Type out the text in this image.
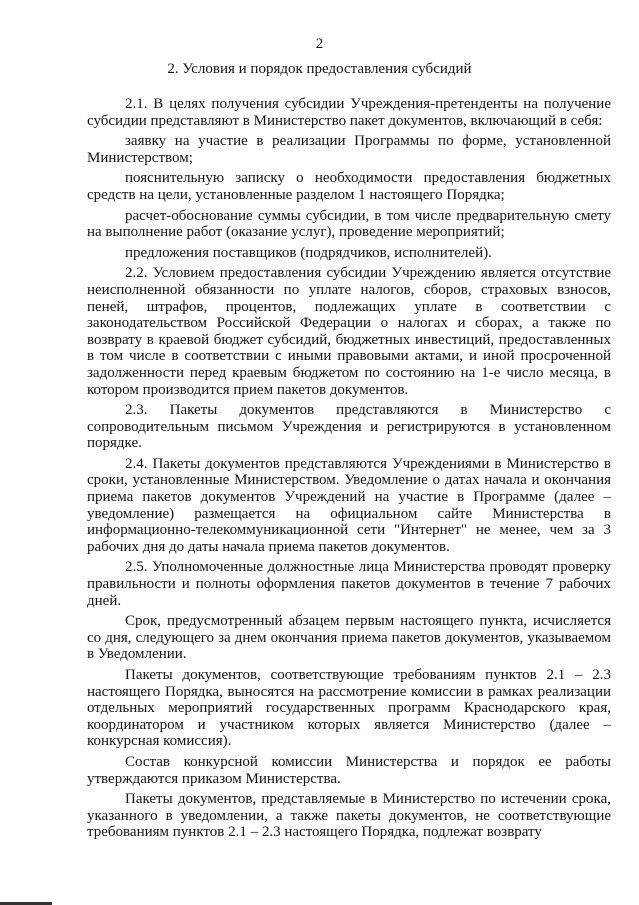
2
2. Условия и порядок предоставления субсидий

2.1. В целях получения субсидии Учреждения-претенденты на получение субсидии представляют в Министерство пакет документов, включающий в себя:

заявку на участие в реализации Программы по форме, установленной Министерством;

пояснительную записку о необходимости предоставления бюджетных средств на цели, установленные разделом 1 настоящего Порядка;

расчет-обоснование суммы субсидии, в том числе предварительную смету на выполнение работ (оказание услуг), проведение мероприятий;

предложения поставщиков (подрядчиков, исполнителей).

2.2. Условием предоставления субсидии Учреждению является отсутствие неисполненной обязанности по уплате налогов, сборов, страховых взносов, пеней, штрафов, процентов, подлежащих уплате в соответствии с законодательством Российской Федерации о налогах и сборах, а также по возврату в краевой бюджет субсидий, бюджетных инвестиций, предоставленных в том числе в соответствии с иными правовыми актами, и иной просроченной задолженности перед краевым бюджетом по состоянию на 1-е число месяца, в котором производится прием пакетов документов.

2.3. Пакеты документов представляются в Министерство с сопроводительным письмом Учреждения и регистрируются в установленном порядке.

2.4. Пакеты документов представляются Учреждениями в Министерство в сроки, установленные Министерством. Уведомление о датах начала и окончания приема пакетов документов Учреждений на участие в Программе (далее – уведомление) размещается на официальном сайте Министерства в информационно-телекоммуникационной сети "Интернет" не менее, чем за 3 рабочих дня до даты начала приема пакетов документов.

2.5. Уполномоченные должностные лица Министерства проводят проверку правильности и полноты оформления пакетов документов в течение 7 рабочих дней.

Срок, предусмотренный абзацем первым настоящего пункта, исчисляется со дня, следующего за днем окончания приема пакетов документов, указываемом в Уведомлении.

Пакеты документов, соответствующие требованиям пунктов 2.1 – 2.3 настоящего Порядка, выносятся на рассмотрение комиссии в рамках реализации отдельных мероприятий государственных программ Краснодарского края, координатором и участником которых является Министерство (далее – конкурсная комиссия).

Состав конкурсной комиссии Министерства и порядок ее работы утверждаются приказом Министерства.

Пакеты документов, представляемые в Министерство по истечении срока, указанного в уведомлении, а также пакеты документов, не соответствующие требованиям пунктов 2.1 – 2.3 настоящего Порядка, подлежат возврату
